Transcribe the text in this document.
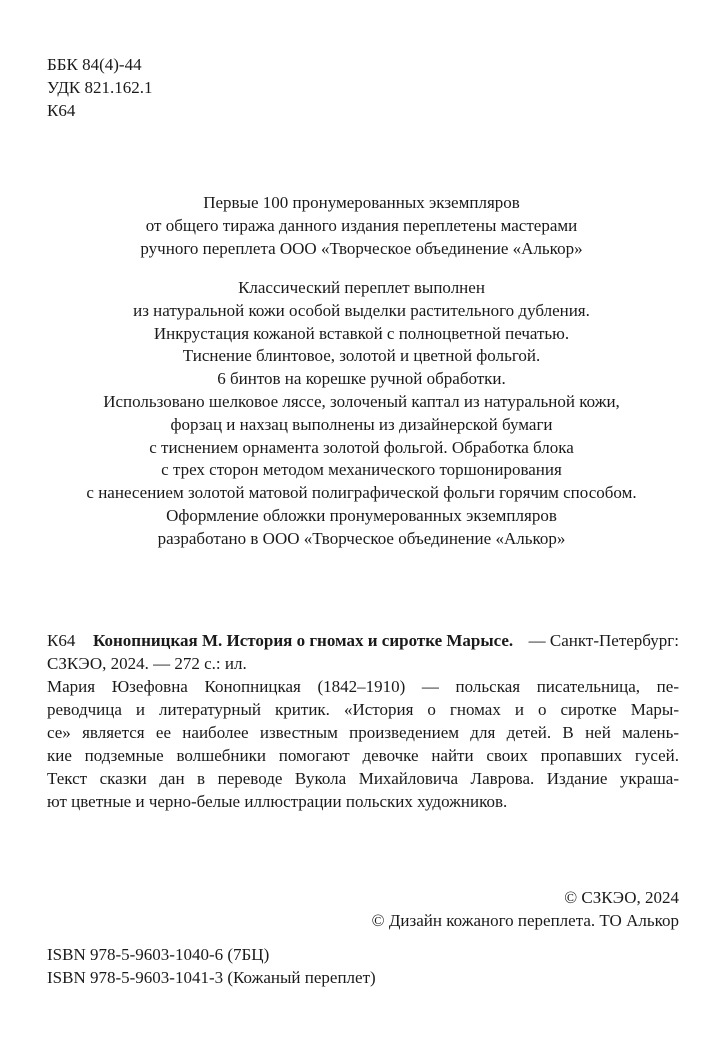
ББК 84(4)-44
УДК 821.162.1
К64
Первые 100 пронумерованных экземпляров
от общего тиража данного издания переплетены мастерами
ручного переплета ООО «Творческое объединение «Алькор»
Классический переплет выполнен
из натуральной кожи особой выделки растительного дубления.
Инкрустация кожаной вставкой с полноцветной печатью.
Тиснение блинтовое, золотой и цветной фольгой.
6 бинтов на корешке ручной обработки.
Использовано шелковое ляссе, золоченый каптал из натуральной кожи,
форзац и нахзац выполнены из дизайнерской бумаги
с тиснением орнамента золотой фольгой. Обработка блока
с трех сторон методом механического торшонирования
с нанесением золотой матовой полиграфической фольги горячим способом.
Оформление обложки пронумерованных экземпляров
разработано в ООО «Творческое объединение «Алькор»
К64	Конопницкая М. История о гномах и сиротке Марысе. — Санкт-Петербург:
СЗКЭО, 2024. — 272 с.: ил.
Мария Юзефовна Конопницкая (1842–1910) — польская писательница, пе-
реводчица и литературный критик. «История о гномах и о сиротке Мары-
се» является ее наиболее известным произведением для детей. В ней малень-
кие подземные волшебники помогают девочке найти своих пропавших гусей.
Текст сказки дан в переводе Вукола Михайловича Лаврова. Издание украша-
ют цветные и черно-белые иллюстрации польских художников.
© СЗКЭО, 2024
© Дизайн кожаного переплета. ТО Алькор
ISBN 978-5-9603-1040-6 (7БЦ)
ISBN 978-5-9603-1041-3 (Кожаный переплет)
